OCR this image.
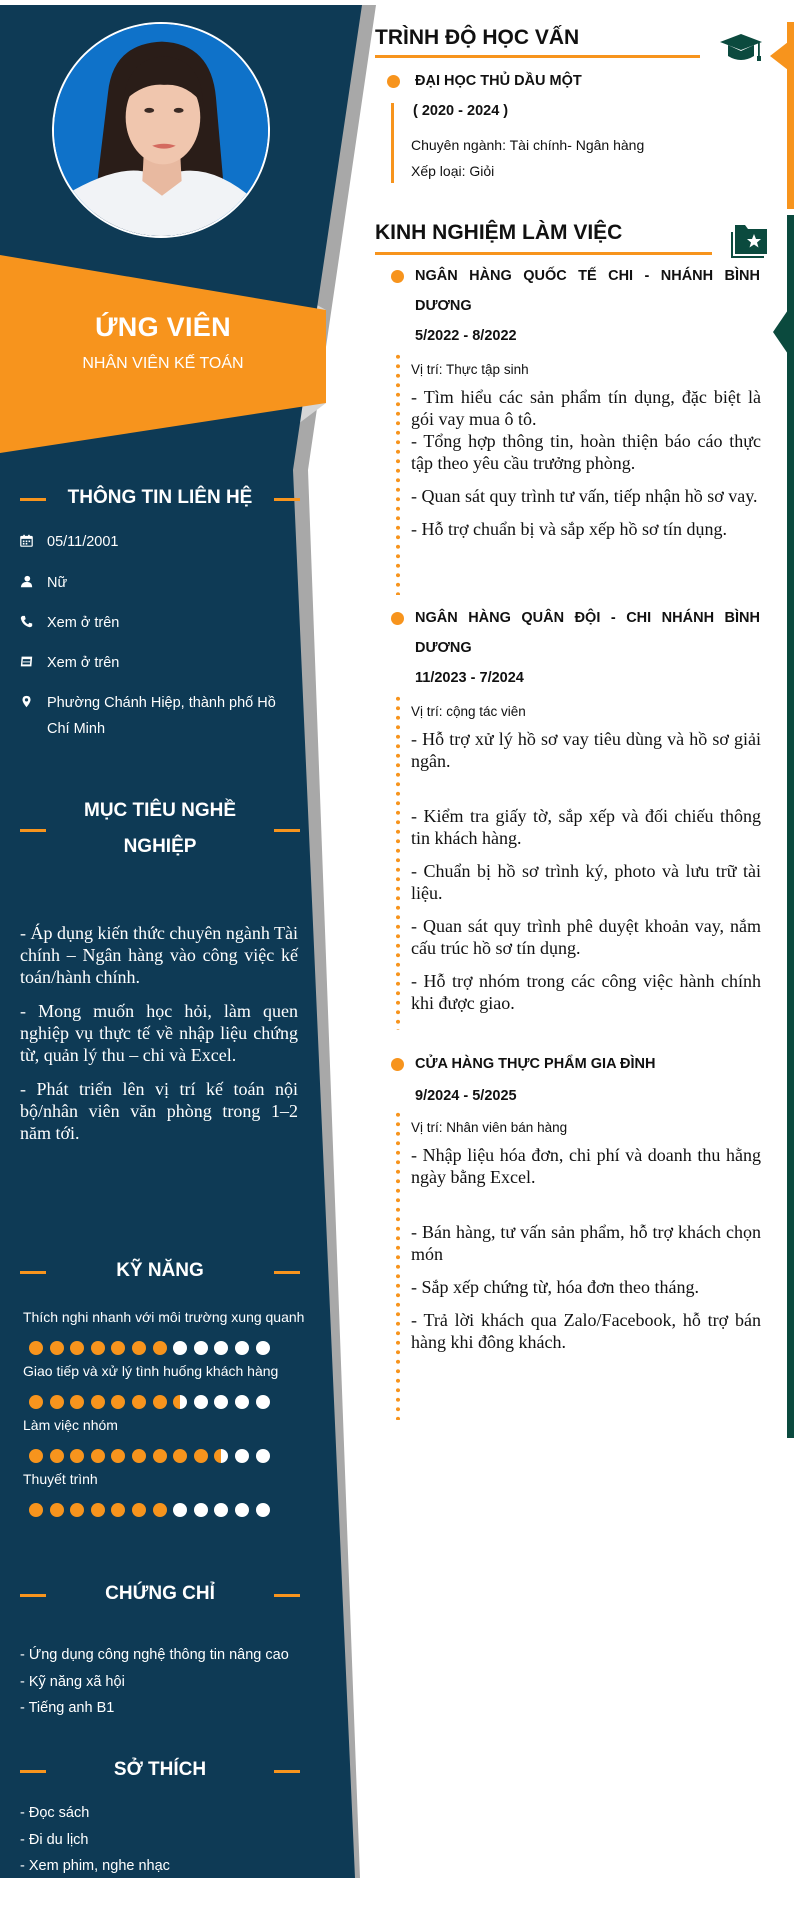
ỨNG VIÊN
NHÂN VIÊN KẾ TOÁN
THÔNG TIN LIÊN HỆ
05/11/2001
Nữ
Xem ở trên
Xem ở trên
Phường Chánh Hiệp, thành phố Hồ Chí Minh
MỤC TIÊU NGHỀ
NGHIỆP

- Áp dụng kiến thức chuyên ngành Tài chính – Ngân hàng vào công việc kế toán/hành chính.

- Mong muốn học hỏi, làm quen nghiệp vụ thực tế về nhập liệu chứng từ, quản lý thu – chi và Excel.

- Phát triển lên vị trí kế toán nội bộ/nhân viên văn phòng trong 1–2 năm tới.

KỸ NĂNG
Thích nghi nhanh với môi trường xung quanh
Giao tiếp và xử lý tình huống khách hàng
Làm việc nhóm
Thuyết trình
CHỨNG CHỈ
- Ứng dụng công nghệ thông tin nâng cao
- Kỹ năng xã hội
- Tiếng anh B1
SỞ THÍCH
- Đọc sách
- Đi du lịch
- Xem phim, nghe nhạc
TRÌNH ĐỘ HỌC VẤN
ĐẠI HỌC THỦ DẦU MỘT
( 2020 - 2024 )
Chuyên ngành: Tài chính- Ngân hàng
Xếp loại: Giỏi
KINH NGHIỆM LÀM VIỆC
NGÂN HÀNG QUỐC TẾ CHI - NHÁNH BÌNH DƯƠNG
5/2022 - 8/2022
Vị trí: Thực tập sinh

- Tìm hiểu các sản phẩm tín dụng, đặc biệt là gói vay mua ô tô.

- Tổng hợp thông tin, hoàn thiện báo cáo thực tập theo yêu cầu trưởng phòng.

- Quan sát quy trình tư vấn, tiếp nhận hồ sơ vay.

- Hỗ trợ chuẩn bị và sắp xếp hồ sơ tín dụng.

NGÂN HÀNG QUÂN ĐỘI - CHI NHÁNH BÌNH DƯƠNG
11/2023 - 7/2024
Vị trí: cộng tác viên

- Hỗ trợ xử lý hồ sơ vay tiêu dùng và hồ sơ giải ngân.

- Kiểm tra giấy tờ, sắp xếp và đối chiếu thông tin khách hàng.

- Chuẩn bị hồ sơ trình ký, photo và lưu trữ tài liệu.

- Quan sát quy trình phê duyệt khoản vay, nắm cấu trúc hồ sơ tín dụng.

- Hỗ trợ nhóm trong các công việc hành chính khi được giao.

CỬA HÀNG THỰC PHẨM GIA ĐÌNH
9/2024 - 5/2025
Vị trí: Nhân viên bán hàng

- Nhập liệu hóa đơn, chi phí và doanh thu hằng ngày bằng Excel.

- Bán hàng, tư vấn sản phẩm, hỗ trợ khách chọn món

- Sắp xếp chứng từ, hóa đơn theo tháng.

- Trả lời khách qua Zalo/Facebook, hỗ trợ bán hàng khi đông khách.
